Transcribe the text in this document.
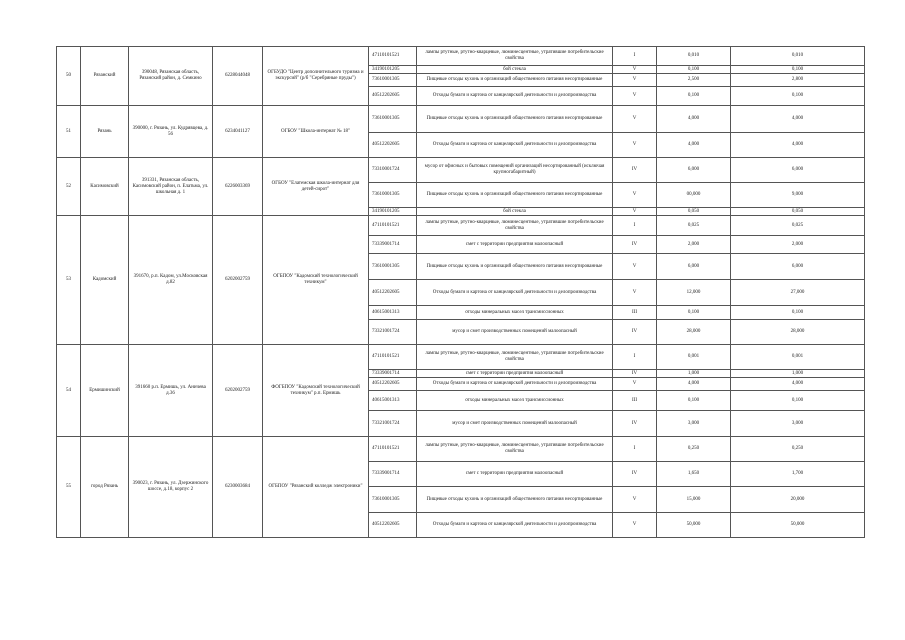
50	Рязанский	390048, Рязанская область, Рязанский район, д. Семкино	6228044048	ОГБУДО "Центр дополнительного туризма и экскурсий" (р/б "Серебряные пруды")	47110101521	лампы ртутные, ртутно-кварцевые, люминесцентные, утратившие потребительские свойства	I	0,010	0,010
					34190101205	бой стекла	V	0,100	0,100
					73610001305	Пищевые отходы кухонь и организаций общественного питания несортированные	V	2,500	2,800
					40512202605	Отходы бумаги и картона от канцелярской деятельности и делопроизводства	V	0,100	0,100
51	Рязань	390000, г. Рязань, ул. Кудрявцева, д. 56	6234041127	ОГБОУ "Школа-интернат № 18"	73610001305	Пищевые отходы кухонь и организаций общественного питания несортированные	V	4,000	4,000
					40512202605	Отходы бумаги и картона от канцелярской деятельности и делопроизводства	V	4,000	4,000
52	Касимовский	391331, Рязанская область, Касимовский район, п. Елатьма, ул. школьная д. 1	6226003369	ОГБОУ "Елатемская школа-интернат для детей-сирот"	73310001724	мусор от офисных и бытовых помещений организаций несортированный (исключая крупногабаритный)	IV	6,000	6,000
					73610001305	Пищевые отходы кухонь и организаций общественного питания несортированные	V	00,000	9,000
					34190101205	бой стекла	V	0,050	0,050
53	Кадомский	391670, р.п. Кадом, ул.Московская д.82	6202002759	ОГБПОУ "Кадомский технологический техникум"	47110101521	лампы ртутные, ртутно-кварцевые, люминесцентные, утратившие потребительские свойства	I	0,025	0,025
					73339001714	смет с территории предприятия малоопасный	IV	2,000	2,000
					73610001305	Пищевые отходы кухонь и организаций общественного питания несортированные	V	6,000	6,000
					40512202605	Отходы бумаги и картона от канцелярской деятельности и делопроизводства	V	12,000	27,000
					40615001313	отходы минеральных масел трансмиссионных	III	0,100	0,100
					73321001724	мусор и смет производственных помещений малоопасный	IV	28,000	28,000
54	Ермишинский	391660 р.п. Ермишь, ул. Аничева д.36	6202002759	ФОГБПОУ "Кадомский технологический техникум" р.п. Ермишь	47110101521	лампы ртутные, ртутно-кварцевые, люминесцентные, утратившие потребительские свойства	I	0,001	0,001
					73339001714	смет с территории предприятия малоопасный	IV	1,000	1,000
					40512202605	Отходы бумаги и картона от канцелярской деятельности и делопроизводства	V	4,000	4,000
					40615001313	отходы минеральных масел трансмиссионных	III	0,100	0,100
					73321001724	мусор и смет производственных помещений малоопасный	IV	3,000	3,000
55	город Рязань	390023, г. Рязань, ул. Дзержинского шоссе, д.18, корпус 2	6230003684	ОГБПОУ "Рязанский колледж электроники"	47110101521	лампы ртутные, ртутно-кварцевые, люминесцентные, утратившие потребительские свойства	I	0,250	0,250
					73339001714	смет с территории предприятия малоопасный	IV	1,650	1,700
					73610001305	Пищевые отходы кухонь и организаций общественного питания несортированные	V	15,000	20,000
					40512202605	Отходы бумаги и картона от канцелярской деятельности и делопроизводства	V	50,000	50,000
